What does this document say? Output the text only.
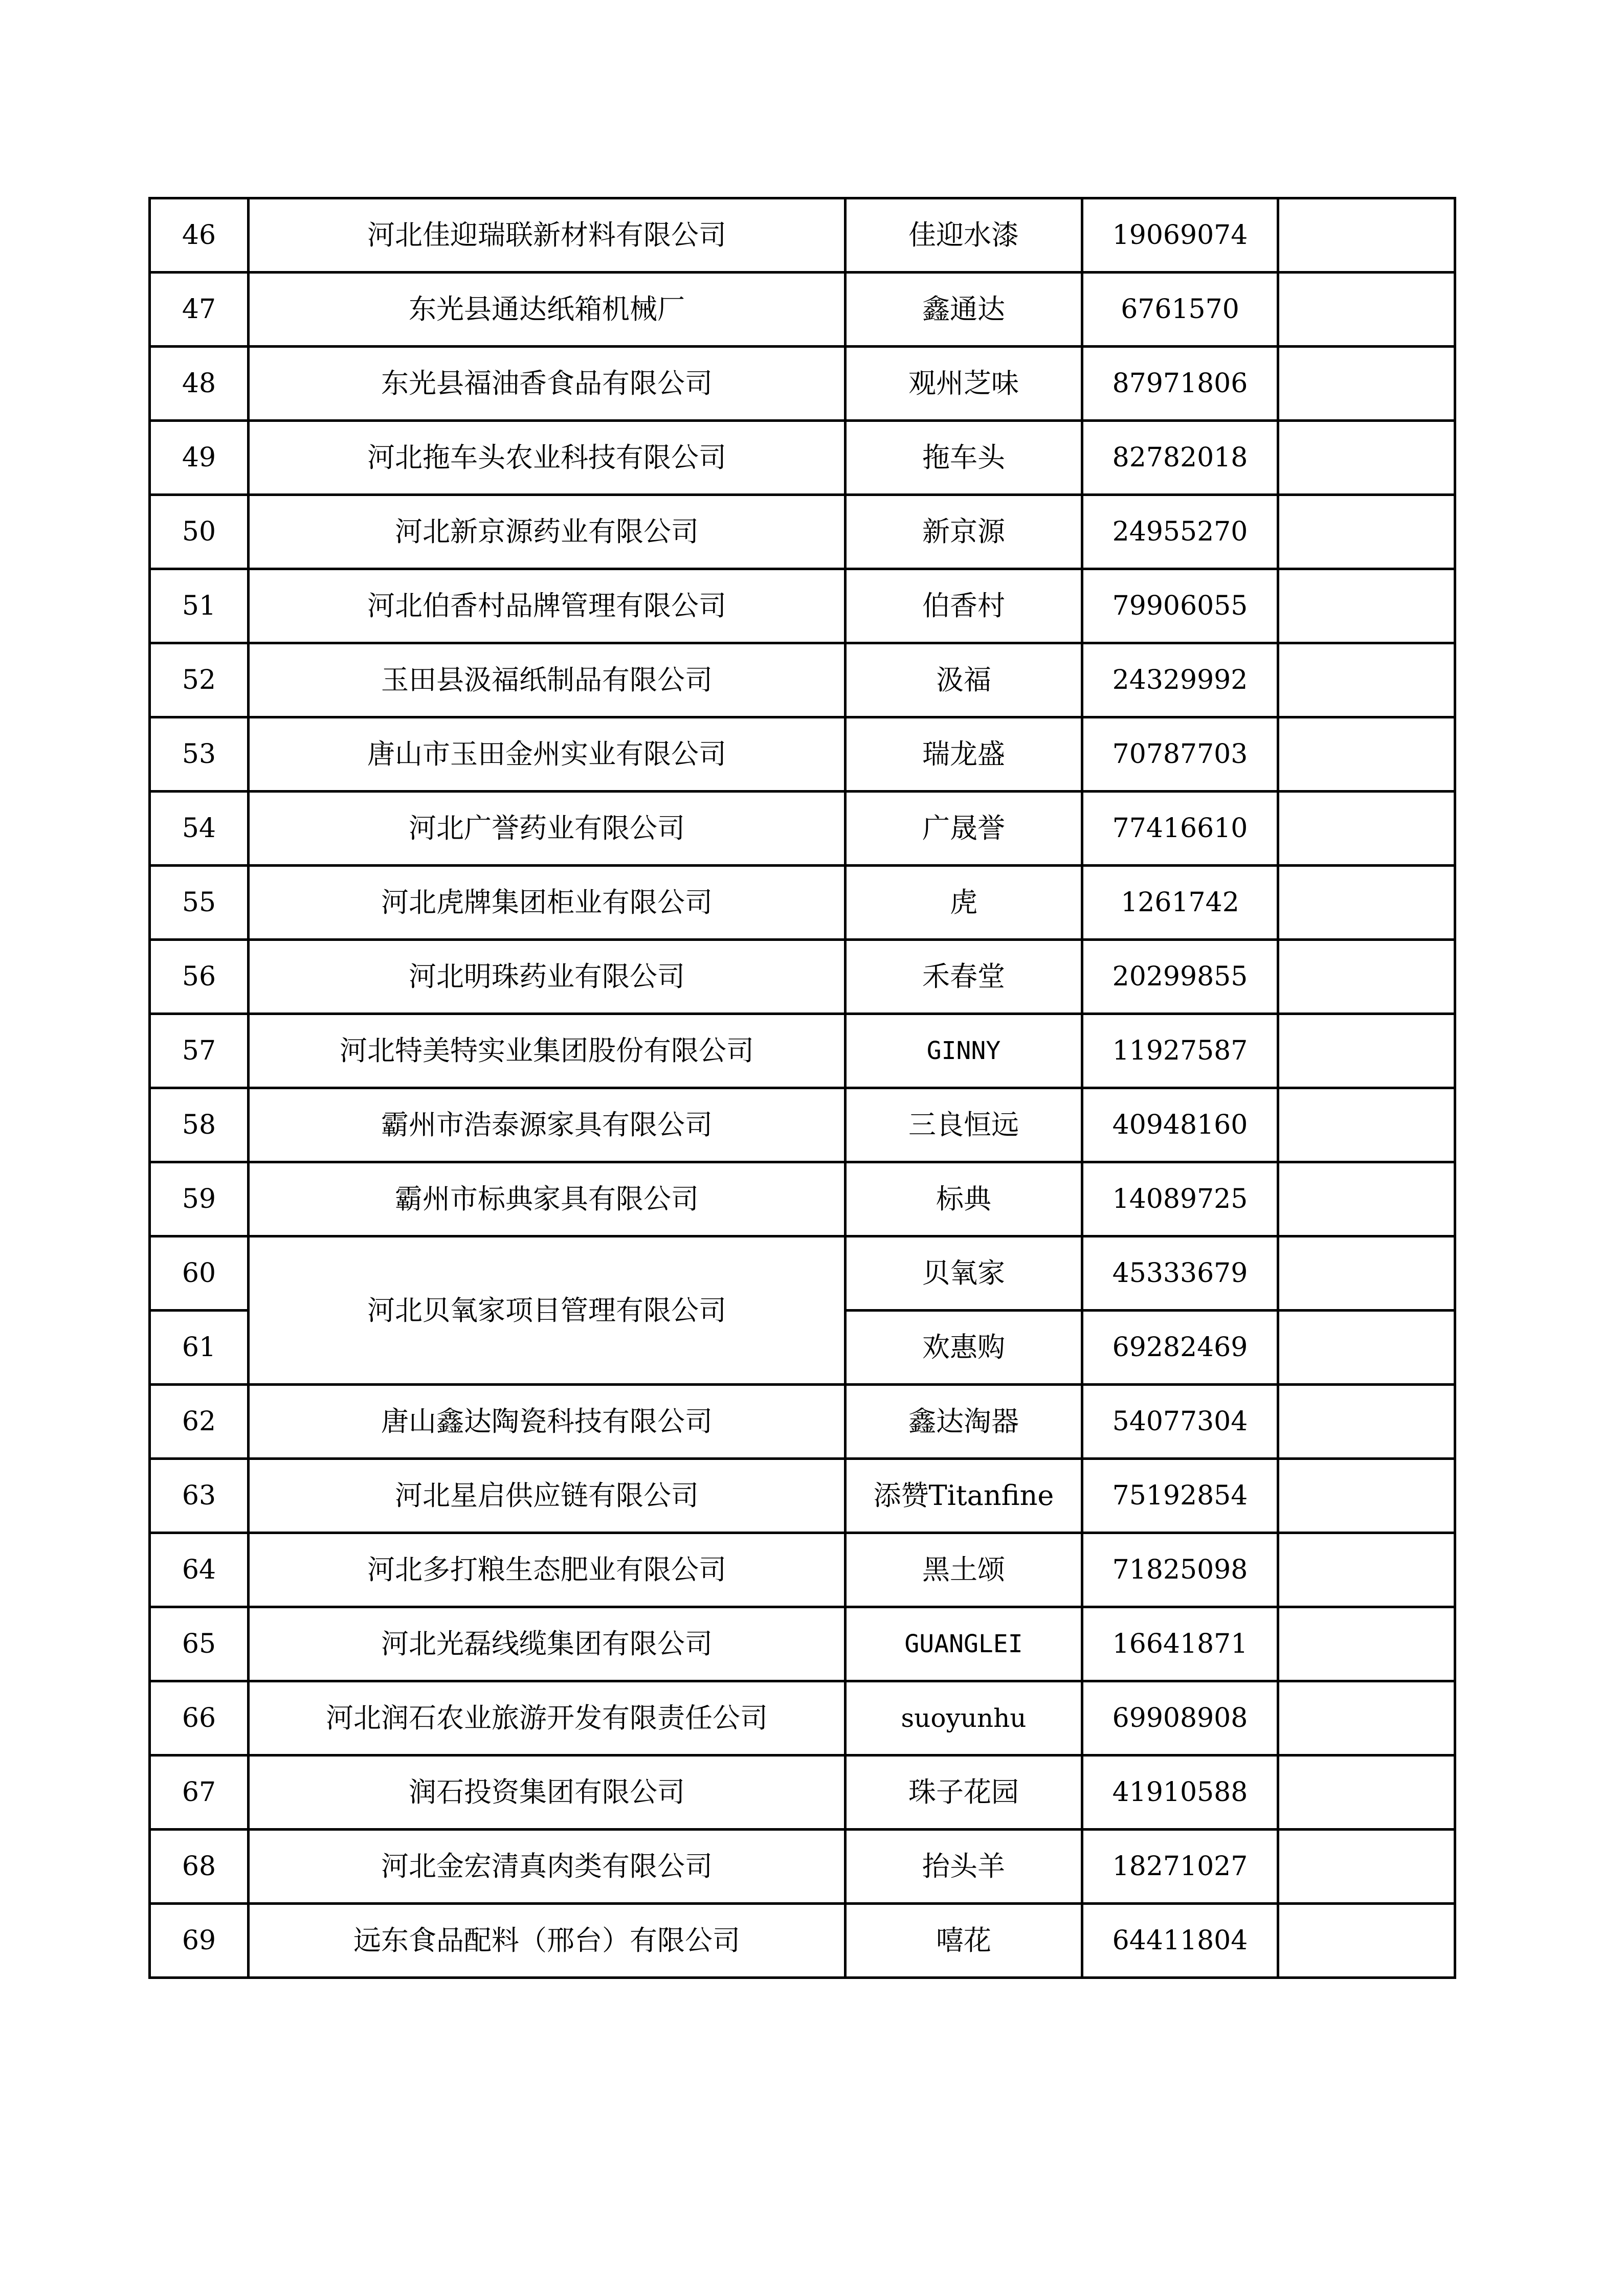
46	河北佳迎瑞联新材料有限公司	佳迎水漆	19069074	
47	东光县通达纸箱机械厂	鑫通达	6761570	
48	东光县福油香食品有限公司	观州芝味	87971806	
49	河北拖车头农业科技有限公司	拖车头	82782018	
50	河北新京源药业有限公司	新京源	24955270	
51	河北伯香村品牌管理有限公司	伯香村	79906055	
52	玉田县汲福纸制品有限公司	汲福	24329992	
53	唐山市玉田金州实业有限公司	瑞龙盛	70787703	
54	河北广誉药业有限公司	广晟誉	77416610	
55	河北虎牌集团柜业有限公司	虎	1261742	
56	河北明珠药业有限公司	禾春堂	20299855	
57	河北特美特实业集团股份有限公司	GINNY	11927587	
58	霸州市浩泰源家具有限公司	三良恒远	40948160	
59	霸州市标典家具有限公司	标典	14089725	
60	河北贝氧家项目管理有限公司	贝氧家	45333679	
61		欢惠购	69282469	
62	唐山鑫达陶瓷科技有限公司	鑫达淘器	54077304	
63	河北星启供应链有限公司	添赞Titanfine	75192854	
64	河北多打粮生态肥业有限公司	黑土颂	71825098	
65	河北光磊线缆集团有限公司	GUANGLEI	16641871	
66	河北润石农业旅游开发有限责任公司	suoyunhu	69908908	
67	润石投资集团有限公司	珠子花园	41910588	
68	河北金宏清真肉类有限公司	抬头羊	18271027	
69	远东食品配料（邢台）有限公司	嘻花	64411804	
